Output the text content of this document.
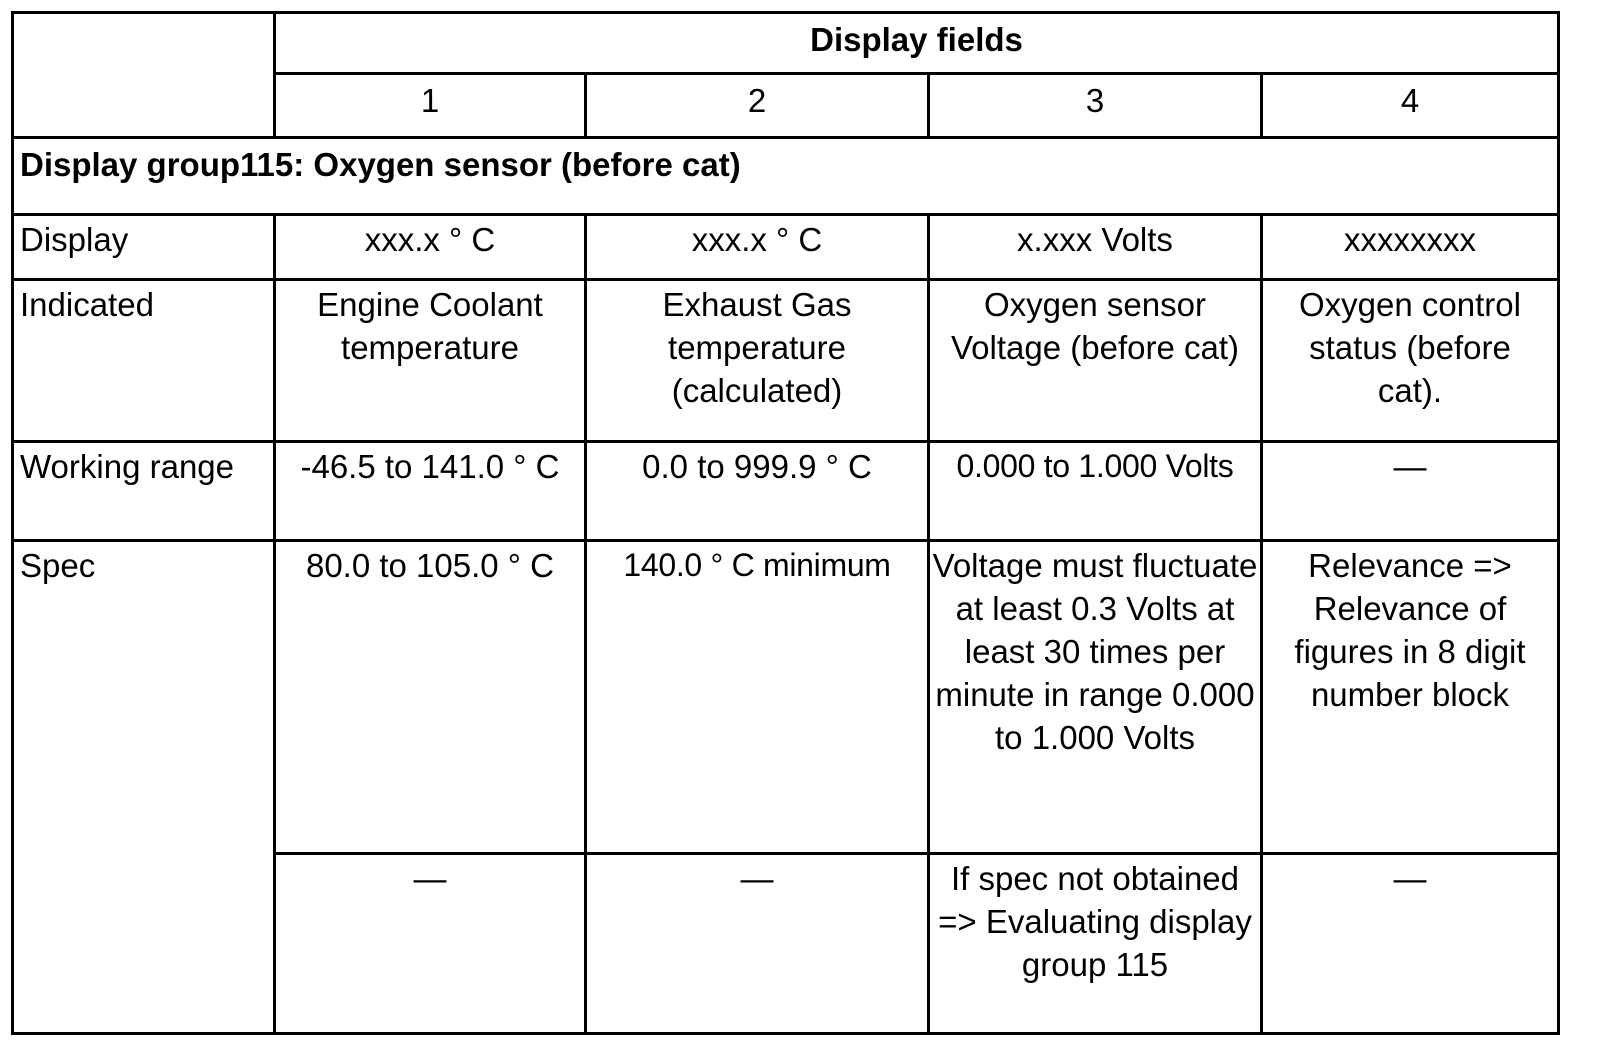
	Display fields			
	1	2	3	4
Display group115: Oxygen sensor (before cat)				
Display	xxx.x ° C	xxx.x ° C	x.xxx Volts	xxxxxxxx
Indicated	Engine Coolant temperature	Exhaust Gas temperature (calculated)	Oxygen sensor Voltage (before cat)	Oxygen control status (before cat).

Working range	-46.5 to 141.0 ° C	0.0 to 999.9 ° C	0.000 to 1.000 Volts	—
Spec	80.0 to 105.0 ° C	140.0 ° C minimum	Voltage must fluctuate at least 0.3 Volts at least 30 times per minute in range 0.000 to 1.000 Volts	Relevance => Relevance of figures in 8 digit number block

	—	—	If spec not obtained => Evaluating display group 115	—
